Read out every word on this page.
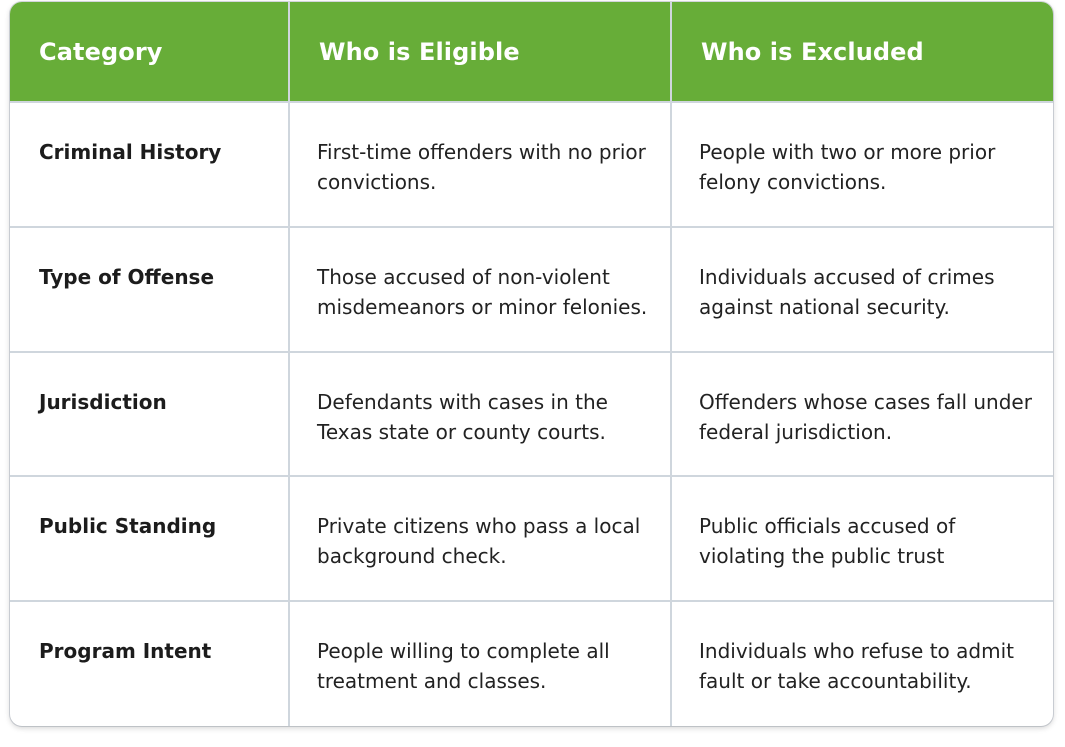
Category	Who is Eligible	Who is Excluded
Criminal History	First-time offenders with no prior convictions.	People with two or more prior felony convictions.
Type of Offense	Those accused of non-violent misdemeanors or minor felonies.	Individuals accused of crimes against national security.
Jurisdiction	Defendants with cases in the Texas state or county courts.	Offenders whose cases fall under federal jurisdiction.
Public Standing	Private citizens who pass a local background check.	Public officials accused of violating the public trust
Program Intent	People willing to complete all treatment and classes.	Individuals who refuse to admit fault or take accountability.
